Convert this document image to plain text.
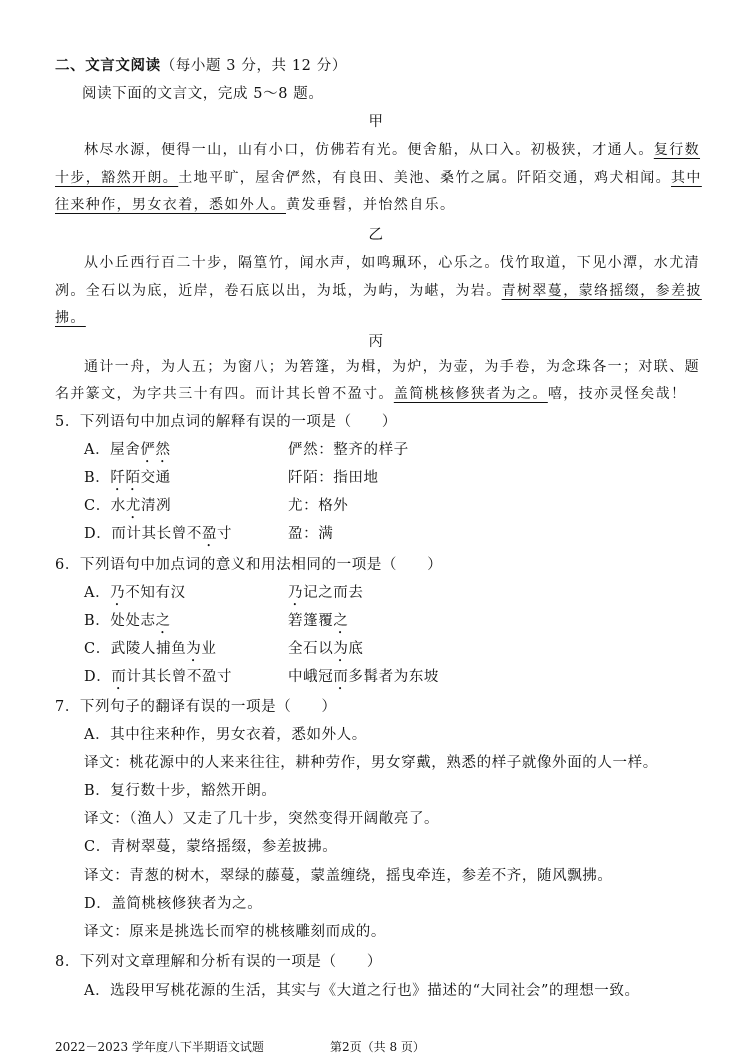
二、文言文阅读（每小题 3 分，共 12 分）
阅读下面的文言文，完成 5～8 题。
甲
林尽水源，便得一山，山有小口，仿佛若有光。便舍船，从口入。初极狭，才通人。复行数
十步，豁然开朗。土地平旷，屋舍俨然，有良田、美池、桑竹之属。阡陌交通，鸡犬相闻。其中
往来种作，男女衣着，悉如外人。黄发垂髫，并怡然自乐。
乙
从小丘西行百二十步，隔篁竹，闻水声，如鸣珮环，心乐之。伐竹取道，下见小潭，水尤清
冽。全石以为底，近岸，卷石底以出，为坻，为屿，为嵁，为岩。青树翠蔓，蒙络摇缀，参差披
拂。
丙
通计一舟，为人五；为窗八；为箬篷，为楫，为炉，为壶，为手卷，为念珠各一；对联、题
名并篆文，为字共三十有四。而计其长曾不盈寸。盖简桃核修狭者为之。嘻，技亦灵怪矣哉！
5．下列语句中加点词的解释有误的一项是（　　）
A．屋舍俨然	俨然：整齐的样子
B．阡陌交通	阡陌：指田地
C．水尤清冽	尤：格外
D．而计其长曾不盈寸	盈：满
6．下列语句中加点词的意义和用法相同的一项是（　　）
A．乃不知有汉	乃记之而去
B．处处志之	箬篷覆之
C．武陵人捕鱼为业	全石以为底
D．而计其长曾不盈寸	中峨冠而多髯者为东坡
7．下列句子的翻译有误的一项是（　　）
A．其中往来种作，男女衣着，悉如外人。
译文：桃花源中的人来来往往，耕种劳作，男女穿戴，熟悉的样子就像外面的人一样。
B．复行数十步，豁然开朗。
译文：（渔人）又走了几十步，突然变得开阔敞亮了。
C．青树翠蔓，蒙络摇缀，参差披拂。
译文：青葱的树木，翠绿的藤蔓，蒙盖缠绕，摇曳牵连，参差不齐，随风飘拂。
D．盖简桃核修狭者为之。
译文：原来是挑选长而窄的桃核雕刻而成的。
8．下列对文章理解和分析有误的一项是（　　）
A．选段甲写桃花源的生活，其实与《大道之行也》描述的“大同社会”的理想一致。
2022－2023 学年度八下半期语文试题	第2页（共 8 页）
